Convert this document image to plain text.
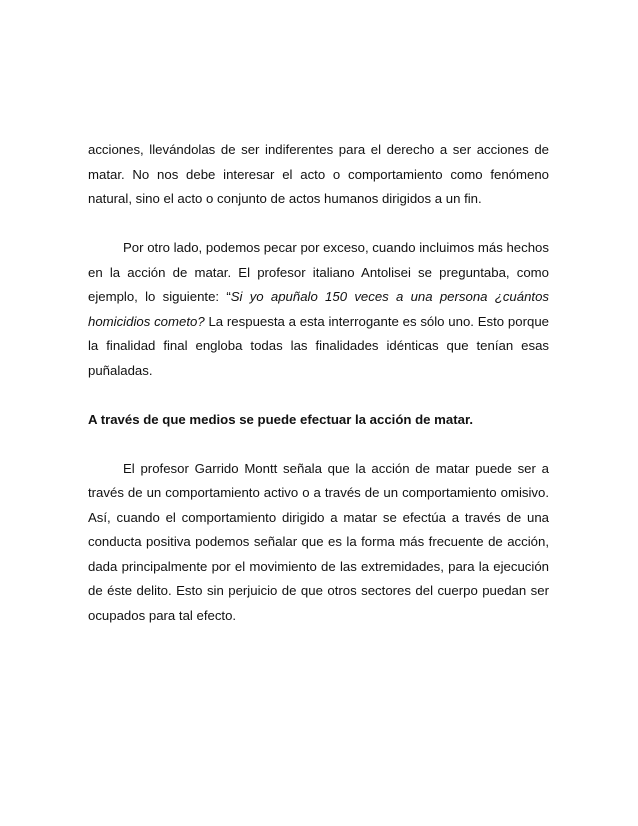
acciones, llevándolas de ser indiferentes para el derecho a ser acciones de matar. No nos debe interesar el acto o comportamiento como fenómeno natural, sino el acto o conjunto de actos humanos dirigidos a un fin.

Por otro lado, podemos pecar por exceso, cuando incluimos más hechos en la acción de matar. El profesor italiano Antolisei se preguntaba, como ejemplo, lo siguiente: “Si yo apuñalo 150 veces a una persona ¿cuántos homicidios cometo? La respuesta a esta interrogante es sólo uno. Esto porque la finalidad final engloba todas las finalidades idénticas que tenían esas puñaladas.

A través de que medios se puede efectuar la acción de matar.

El profesor Garrido Montt señala que la acción de matar puede ser a través de un comportamiento activo o a través de un comportamiento omisivo. Así, cuando el comportamiento dirigido a matar se efectúa a través de una conducta positiva podemos señalar que es la forma más frecuente de acción, dada principalmente por el movimiento de las extremidades, para la ejecución de éste delito. Esto sin perjuicio de que otros sectores del cuerpo puedan ser ocupados para tal efecto.
